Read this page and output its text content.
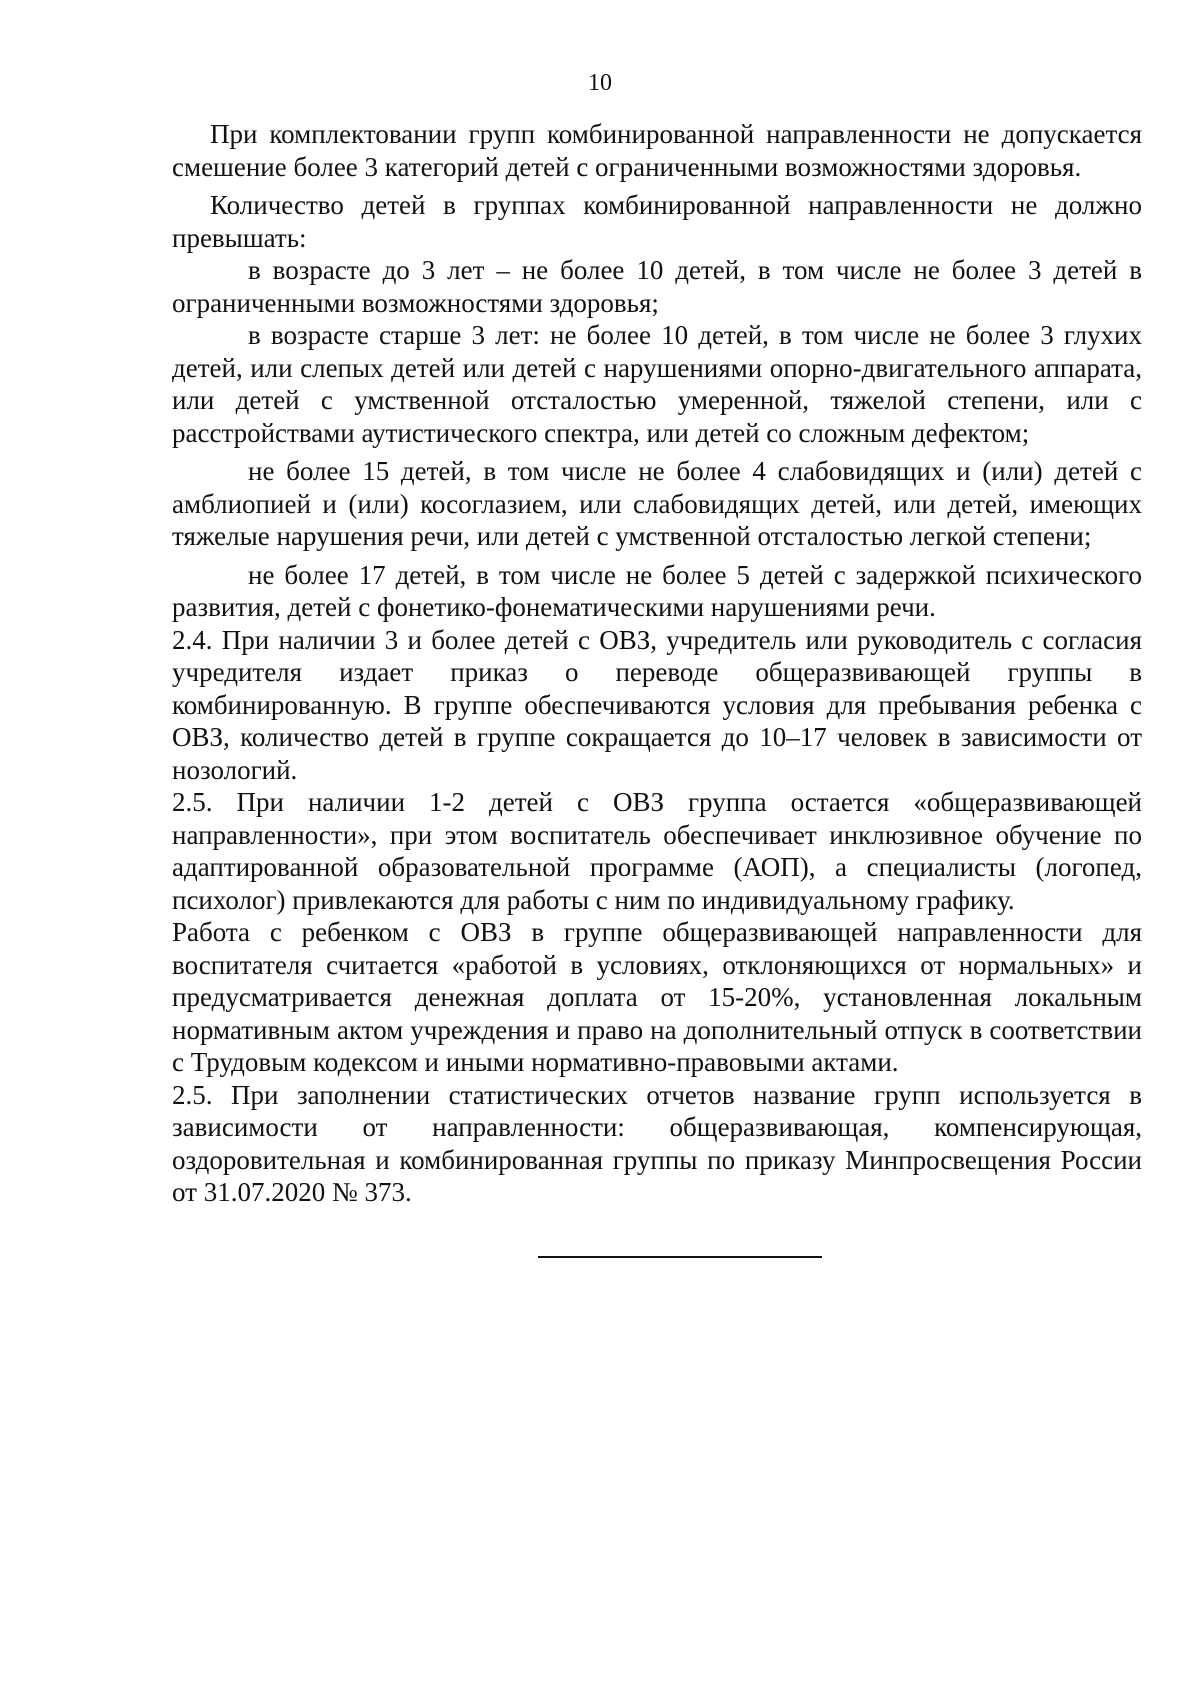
10

При комплектовании групп комбинированной направленности не допускается смешение более 3 категорий детей с ограниченными возможностями здоровья.

Количество детей в группах комбинированной направленности не должно превышать:

в возрасте до 3 лет – не более 10 детей, в том числе не более 3 детей в ограниченными возможностями здоровья;

в возрасте старше 3 лет: не более 10 детей, в том числе не более 3 глухих детей, или слепых детей или детей с нарушениями опорно-двигательного аппарата, или детей с умственной отсталостью умеренной, тяжелой степени, или с расстройствами аутистического спектра, или детей со сложным дефектом;

не более 15 детей, в том числе не более 4 слабовидящих и (или) детей с амблиопией и (или) косоглазием, или слабовидящих детей, или детей, имеющих тяжелые нарушения речи, или детей с умственной отсталостью легкой степени;

не более 17 детей, в том числе не более 5 детей с задержкой психического развития, детей с фонетико-фонематическими нарушениями речи.

2.4. При наличии 3 и более детей с ОВЗ, учредитель или руководитель с согласия учредителя издает приказ о переводе общеразвивающей группы в комбинированную. В группе обеспечиваются условия для пребывания ребенка с ОВЗ, количество детей в группе сокращается до 10–17 человек в зависимости от нозологий.

2.5. При наличии 1-2 детей с ОВЗ группа остается «общеразвивающей направленности», при этом воспитатель обеспечивает инклюзивное обучение по адаптированной образовательной программе (АОП), а специалисты (логопед, психолог) привлекаются для работы с ним по индивидуальному графику.

Работа с ребенком с ОВЗ в группе общеразвивающей направленности для воспитателя считается «работой в условиях, отклоняющихся от нормальных» и предусматривается денежная доплата от 15-20%, установленная локальным нормативным актом учреждения и право на дополнительный отпуск в соответствии с Трудовым кодексом и иными нормативно-правовыми актами.

2.5. При заполнении статистических отчетов название групп используется в зависимости от направленности: общеразвивающая, компенсирующая, оздоровительная и комбинированная группы по приказу Минпросвещения России от 31.07.2020 № 373.
